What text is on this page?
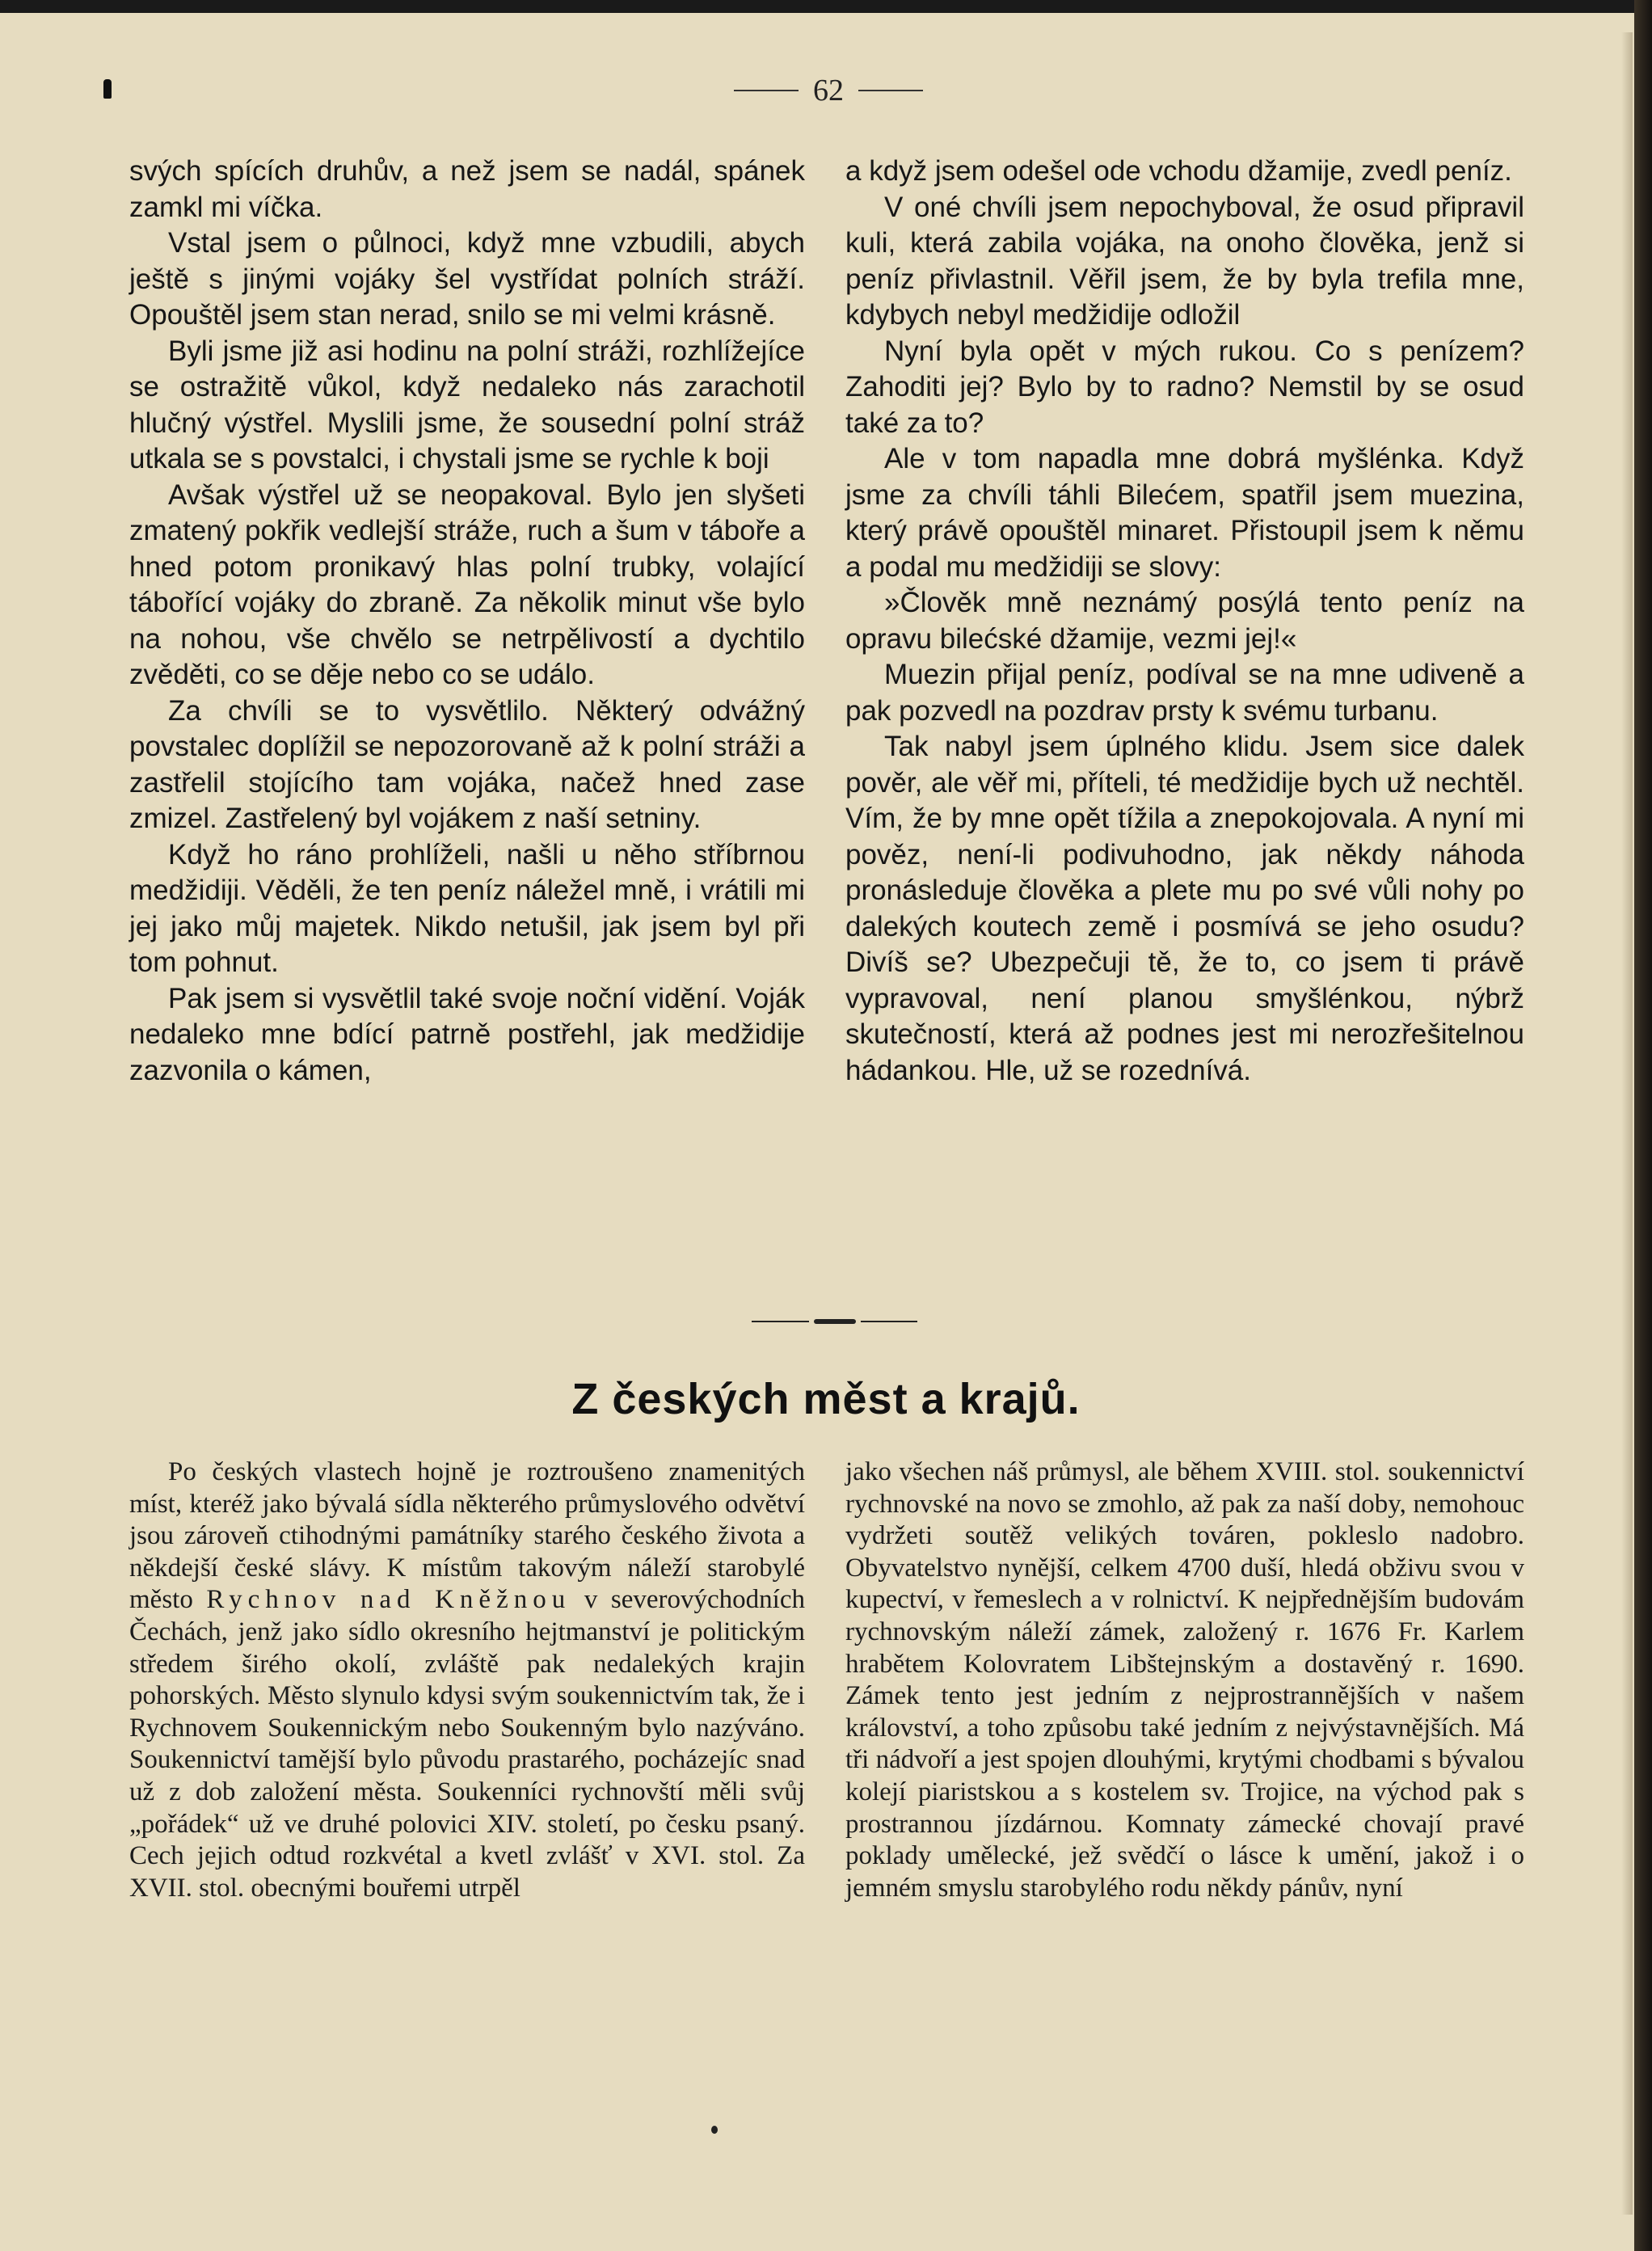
62

svých spících druhův, a než jsem se nadál, spánek zamkl mi víčka.

Vstal jsem o půlnoci, když mne vzbudili, abych ještě s jinými vojáky šel vystřídat polních stráží. Opouštěl jsem stan nerad, snilo se mi velmi krásně.

Byli jsme již asi hodinu na polní stráži, rozhlížejíce se ostražitě vůkol, když nedaleko nás zarachotil hlučný výstřel. Myslili jsme, že sousední polní stráž utkala se s povstalci, i chystali jsme se rychle k boji

Avšak výstřel už se neopakoval. Bylo jen slyšeti zmatený pokřik vedlejší stráže, ruch a šum v táboře a hned potom pronikavý hlas polní trubky, volající tábořící vojáky do zbraně. Za několik minut vše bylo na nohou, vše chvělo se netrpělivostí a dychtilo zvěděti, co se děje nebo co se událo.

Za chvíli se to vysvětlilo. Některý odvážný povstalec doplížil se nepozorovaně až k polní stráži a zastřelil stojícího tam vojáka, načež hned zase zmizel. Zastřelený byl vojákem z naší setniny.

Když ho ráno prohlíželi, našli u něho stříbrnou medžidiji. Věděli, že ten peníz náležel mně, i vrátili mi jej jako můj majetek. Nikdo netušil, jak jsem byl při tom pohnut.

Pak jsem si vysvětlil také svoje noční vidění. Voják nedaleko mne bdící patrně postřehl, jak medžidije zazvonila o kámen,

a když jsem odešel ode vchodu džamije, zvedl peníz.

V oné chvíli jsem nepochyboval, že osud připravil kuli, která zabila vojáka, na onoho člověka, jenž si peníz přivlastnil. Věřil jsem, že by byla trefila mne, kdybych nebyl medžidije odložil

Nyní byla opět v mých rukou. Co s penízem? Zahoditi jej? Bylo by to radno? Nemstil by se osud také za to?

Ale v tom napadla mne dobrá myšlénka. Když jsme za chvíli táhli Bilećem, spatřil jsem muezina, který právě opouštěl minaret. Přistoupil jsem k němu a podal mu medžidiji se slovy:

»Člověk mně neznámý posýlá tento peníz na opravu bilećské džamije, vezmi jej!«

Muezin přijal peníz, podíval se na mne udiveně a pak pozvedl na pozdrav prsty k svému turbanu.

Tak nabyl jsem úplného klidu. Jsem sice dalek pověr, ale věř mi, příteli, té medžidije bych už nechtěl. Vím, že by mne opět tížila a znepokojovala. A nyní mi pověz, není-li podivuhodno, jak někdy náhoda pronásleduje člověka a plete mu po své vůli nohy po dalekých koutech země i posmívá se jeho osudu? Divíš se? Ubezpečuji tě, že to, co jsem ti právě vypravoval, není planou smyšlénkou, nýbrž skutečností, která až podnes jest mi nerozřešitelnou hádankou. Hle, už se rozednívá.

Z českých měst a krajů.

Po českých vlastech hojně je roztroušeno znamenitých míst, kteréž jako bývalá sídla některého průmyslového odvětví jsou zároveň ctihodnými památníky starého českého života a někdejší české slávy. K místům takovým náleží starobylé město Rychnov nad Kněžnou v severovýchodních Čechách, jenž jako sídlo okresního hejtmanství je politickým středem širého okolí, zvláště pak nedalekých krajin pohorských. Město slynulo kdysi svým soukennictvím tak, že i Rychnovem Soukennickým nebo Soukenným bylo nazýváno. Soukennictví tamější bylo původu prastarého, pocházejíc snad už z dob založení města. Soukenníci rychnovští měli svůj „pořádek“ už ve druhé polovici XIV. století, po česku psaný. Cech jejich odtud rozkvétal a kvetl zvlášť v XVI. stol. Za XVII. stol. obecnými bouřemi utrpěl

jako všechen náš průmysl, ale během XVIII. stol. soukennictví rychnovské na novo se zmohlo, až pak za naší doby, nemohouc vydržeti soutěž velikých továren, pokleslo nadobro. Obyvatelstvo nynější, celkem 4700 duší, hledá obživu svou v kupectví, v řemeslech a v rolnictví. K nejpřednějším budovám rychnovským náleží zámek, založený r. 1676 Fr. Karlem hrabětem Kolovratem Libštejnským a dostavěný r. 1690. Zámek tento jest jedním z nejprostrannějších v našem království, a toho způsobu také jedním z nejvýstavnějších. Má tři nádvoří a jest spojen dlouhými, krytými chodbami s bývalou kolejí piaristskou a s kostelem sv. Trojice, na východ pak s prostrannou jízdárnou. Komnaty zámecké chovají pravé poklady umělecké, jež svědčí o lásce k umění, jakož i o jemném smyslu starobylého rodu někdy pánův, nyní
